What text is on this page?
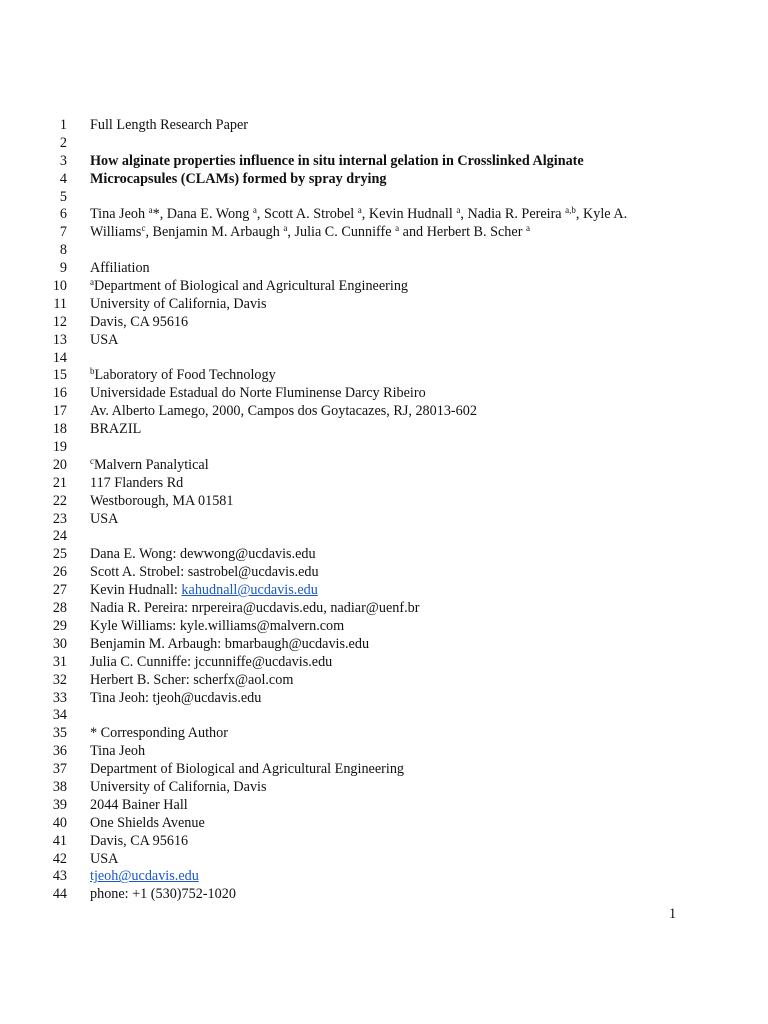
1 Full Length Research Paper
2
3 How alginate properties influence in situ internal gelation in Crosslinked Alginate
4 Microcapsules (CLAMs) formed by spray drying
5
6 Tina Jeoh $^a$*, Dana E. Wong $^a$, Scott A. Strobel $^a$, Kevin Hudnall $^a$, Nadia R. Pereira $^{a,b}$, Kyle A.
7 Williams$^c$, Benjamin M. Arbaugh $^a$, Julia C. Cunniffe $^a$ and Herbert B. Scher $^a$
8
9 Affiliation
10	$^a$Department of Biological and Agricultural Engineering
11 University of California, Davis
12 Davis, CA 95616
13 USA
14
15	$^b$Laboratory of Food Technology
16 Universidade Estadual do Norte Fluminense Darcy Ribeiro
17 Av. Alberto Lamego, 2000, Campos dos Goytacazes, RJ, 28013-602
18 BRAZIL
19
20	$^c$Malvern Panalytical
21 117 Flanders Rd
22 Westborough, MA 01581
23 USA
24
25 Dana E. Wong: dewwong@ucdavis.edu
26 Scott A. Strobel: sastrobel@ucdavis.edu
27 Kevin Hudnall: kahudnall@ucdavis.edu
28 Nadia R. Pereira: nrpereira@ucdavis.edu, nadiar@uenf.br
29 Kyle Williams: kyle.williams@malvern.com
30 Benjamin M. Arbaugh: bmarbaugh@ucdavis.edu
31 Julia C. Cunniffe: jccunniffe@ucdavis.edu
32 Herbert B. Scher: scherfx@aol.com
33 Tina Jeoh: tjeoh@ucdavis.edu
34
35 * Corresponding Author
36 Tina Jeoh
37 Department of Biological and Agricultural Engineering
38 University of California, Davis
39 2044 Bainer Hall
40 One Shields Avenue
41 Davis, CA 95616
42 USA
43 tjeoh@ucdavis.edu
44 phone: +1 (530)752-1020
1
